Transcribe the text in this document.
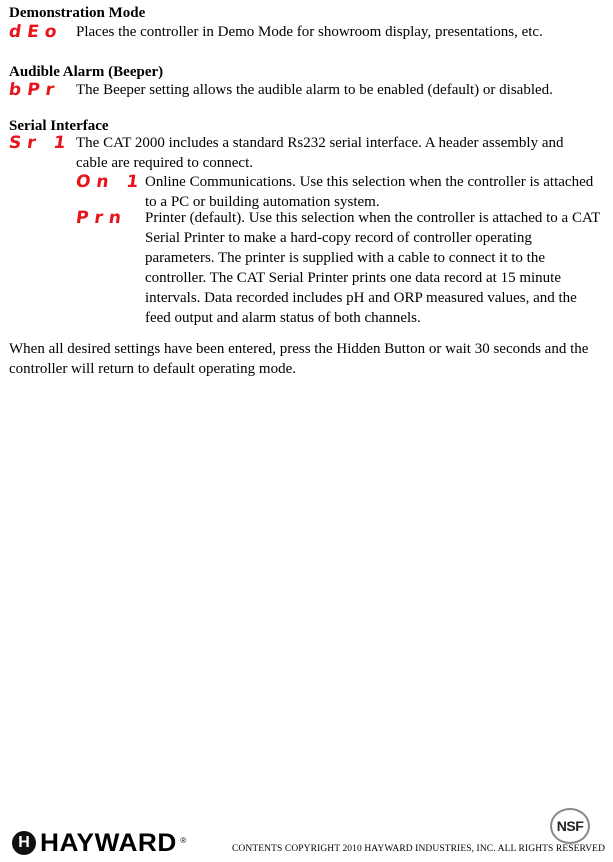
Demonstration Mode
dEo Places the controller in Demo Mode for showroom display, presentations, etc.
Audible Alarm (Beeper)
bPr The Beeper setting allows the audible alarm to be enabled (default) or disabled.
Serial Interface
Sr 1 The CAT 2000 includes a standard Rs232 serial interface. A header assembly and cable are required to connect.
On 1 Online Communications. Use this selection when the controller is attached to a PC or building automation system.
Prn Printer (default). Use this selection when the controller is attached to a CAT Serial Printer to make a hard-copy record of controller operating parameters. The printer is supplied with a cable to connect it to the controller. The CAT Serial Printer prints one data record at 15 minute intervals. Data recorded includes pH and ORP measured values, and the feed output and alarm status of both channels.
When all desired settings have been entered, press the Hidden Button or wait 30 seconds and the controller will return to default operating mode.
NSF
H HAYWARD ®
CONTENTS COPYRIGHT 2010 HAYWARD INDUSTRIES, INC. ALL RIGHTS RESERVED
